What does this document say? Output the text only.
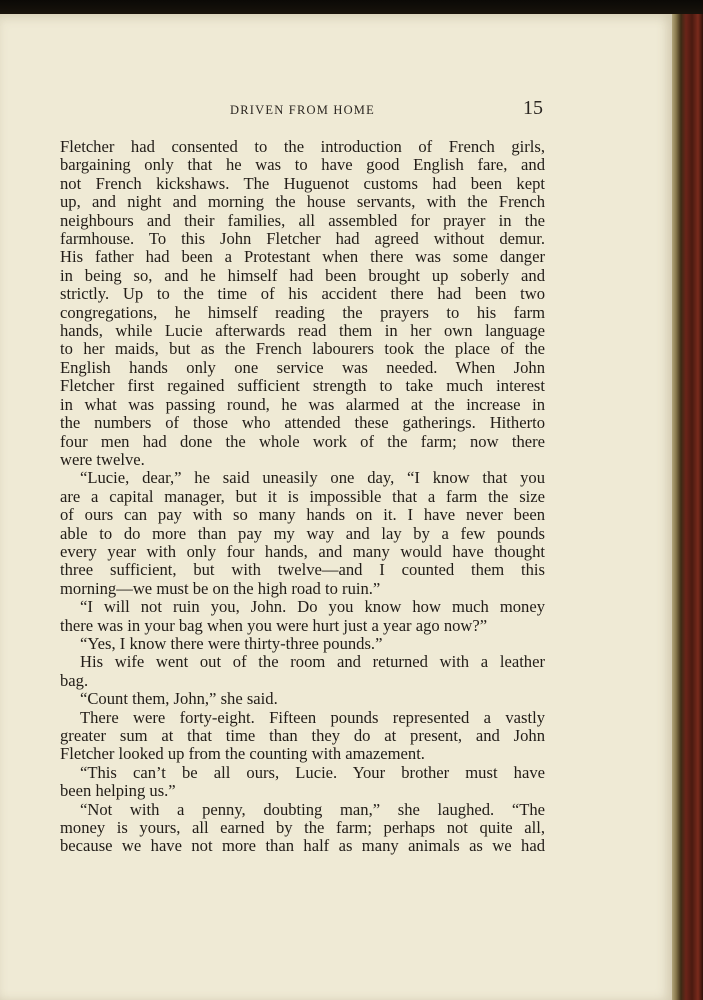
DRIVEN FROM HOME	15

Fletcher had consented to the introduction of French girls,

bargaining only that he was to have good English fare, and

not French kickshaws. The Huguenot customs had been kept

up, and night and morning the house servants, with the French

neighbours and their families, all assembled for prayer in the

farmhouse. To this John Fletcher had agreed without demur.

His father had been a Protestant when there was some danger

in being so, and he himself had been brought up soberly and

strictly. Up to the time of his accident there had been two

congregations, he himself reading the prayers to his farm

hands, while Lucie afterwards read them in her own language

to her maids, but as the French labourers took the place of the

English hands only one service was needed. When John

Fletcher first regained sufficient strength to take much interest

in what was passing round, he was alarmed at the increase in

the numbers of those who attended these gatherings. Hitherto

four men had done the whole work of the farm; now there

were twelve.

“Lucie, dear,” he said uneasily one day, “I know that you

are a capital manager, but it is impossible that a farm the size

of ours can pay with so many hands on it. I have never been

able to do more than pay my way and lay by a few pounds

every year with only four hands, and many would have thought

three sufficient, but with twelve—and I counted them this

morning—we must be on the high road to ruin.”

“I will not ruin you, John. Do you know how much money

there was in your bag when you were hurt just a year ago now?”

“Yes, I know there were thirty-three pounds.”

His wife went out of the room and returned with a leather

bag.

“Count them, John,” she said.

There were forty-eight. Fifteen pounds represented a vastly

greater sum at that time than they do at present, and John

Fletcher looked up from the counting with amazement.

“This can’t be all ours, Lucie. Your brother must have

been helping us.”

“Not with a penny, doubting man,” she laughed. “The

money is yours, all earned by the farm; perhaps not quite all,

because we have not more than half as many animals as we had
